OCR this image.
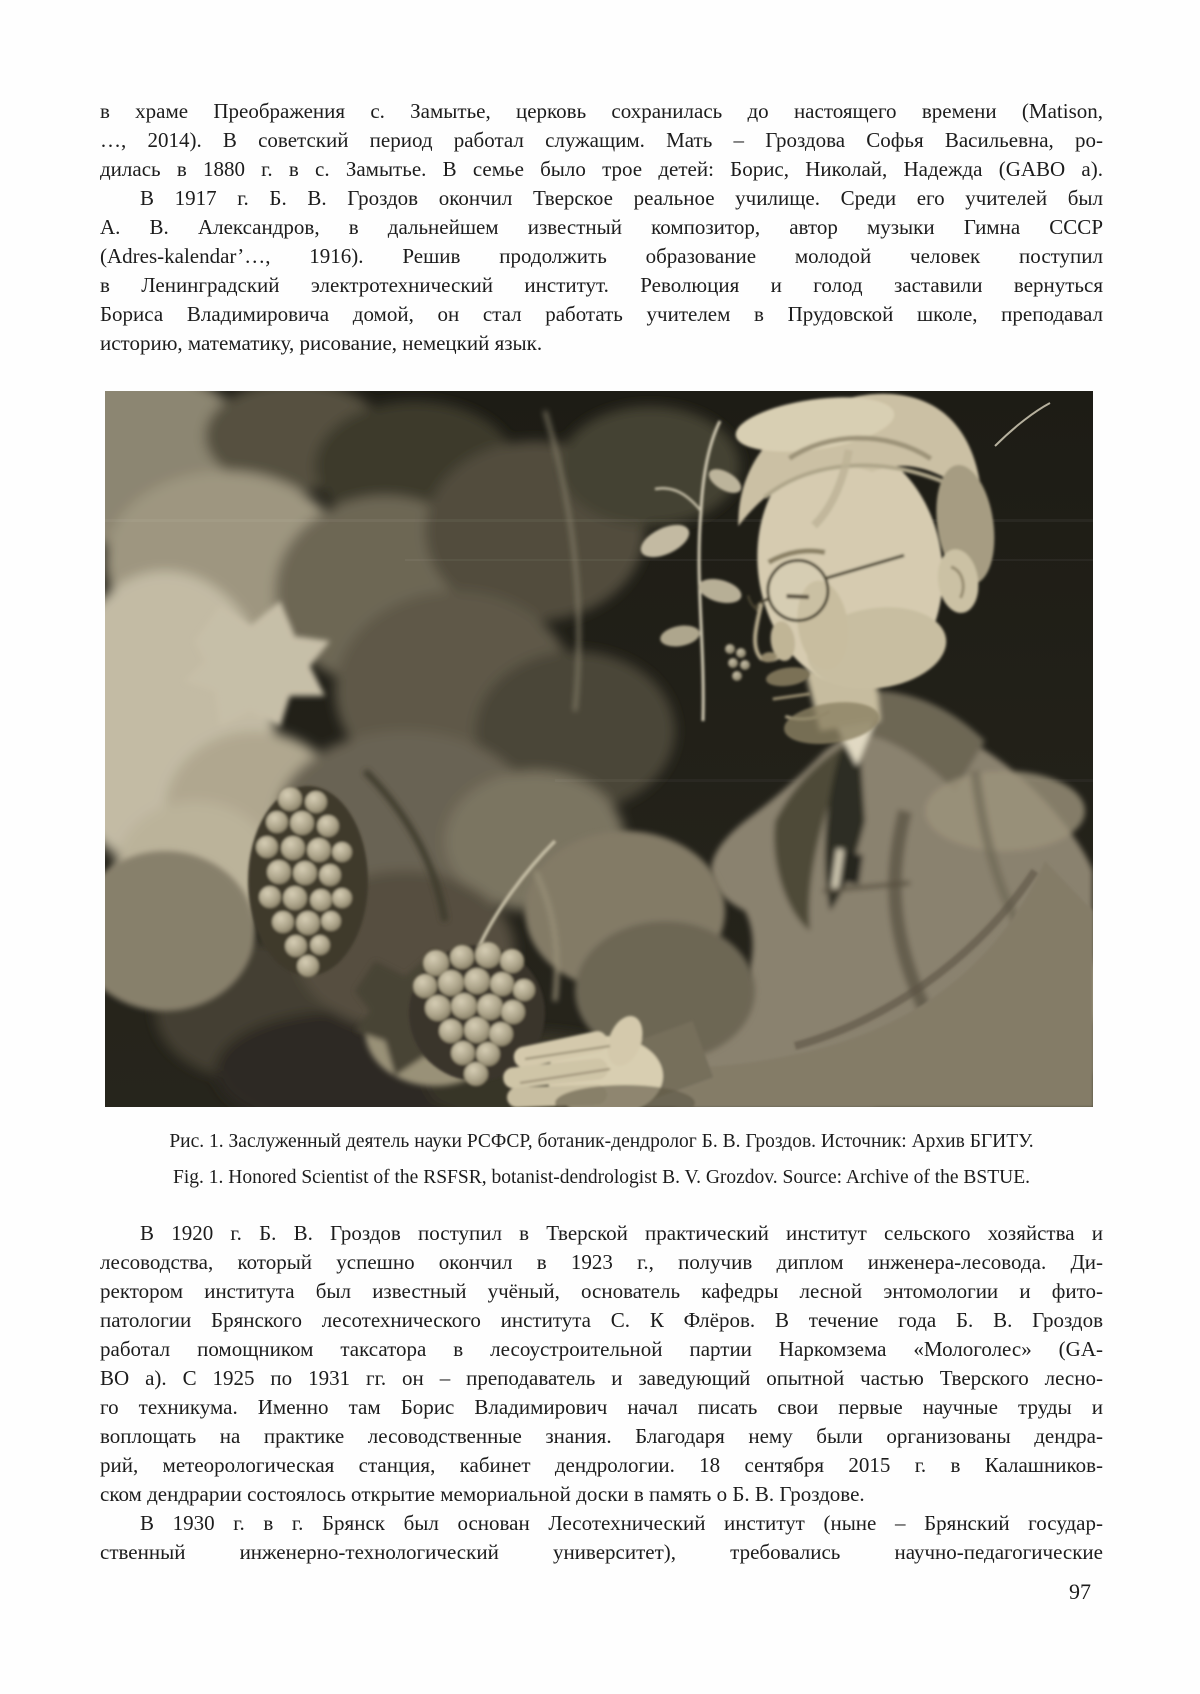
в храме Преображения с. Замытье, церковь сохранилась до настоящего времени (Matison,
…, 2014). В советский период работал служащим. Мать – Гроздова Софья Васильевна, ро-
дилась в 1880 г. в с. Замытье. В семье было трое детей: Борис, Николай, Надежда (GABO a).
В 1917 г. Б. В. Гроздов окончил Тверское реальное училище. Среди его учителей был
А. В. Александров, в дальнейшем известный композитор, автор музыки Гимна СССР
(Adres-kalendar’…, 1916). Решив продолжить образование молодой человек поступил
в Ленинградский электротехнический институт. Революция и голод заставили вернуться
Бориса Владимировича домой, он стал работать учителем в Прудовской школе, преподавал
историю, математику, рисование, немецкий язык.
Рис. 1. Заслуженный деятель науки РСФСР, ботаник-дендролог Б. В. Гроздов. Источник: Архив БГИТУ.
Fig. 1. Honored Scientist of the RSFSR, botanist-dendrologist B. V. Grozdov. Source: Archive of the BSTUE.
В 1920 г. Б. В. Гроздов поступил в Тверской практический институт сельского хозяйства и
лесоводства, который успешно окончил в 1923 г., получив диплом инженера-лесовода. Ди-
ректором института был известный учёный, основатель кафедры лесной энтомологии и фито-
патологии Брянского лесотехнического института С. К Флёров. В течение года Б. В. Гроздов
работал помощником таксатора в лесоустроительной партии Наркомзема «Мологолес» (GA-
ВО a). С 1925 по 1931 гг. он – преподаватель и заведующий опытной частью Тверского лесно-
го техникума. Именно там Борис Владимирович начал писать свои первые научные труды и
воплощать на практике лесоводственные знания. Благодаря нему были организованы дендра-
рий, метеорологическая станция, кабинет дендрологии. 18 сентября 2015 г. в Калашников-
ском дендрарии состоялось открытие мемориальной доски в память о Б. В. Гроздове.
В 1930 г. в г. Брянск был основан Лесотехнический институт (ныне – Брянский государ-
ственный инженерно-технологический университет), требовались научно-педагогические
97
